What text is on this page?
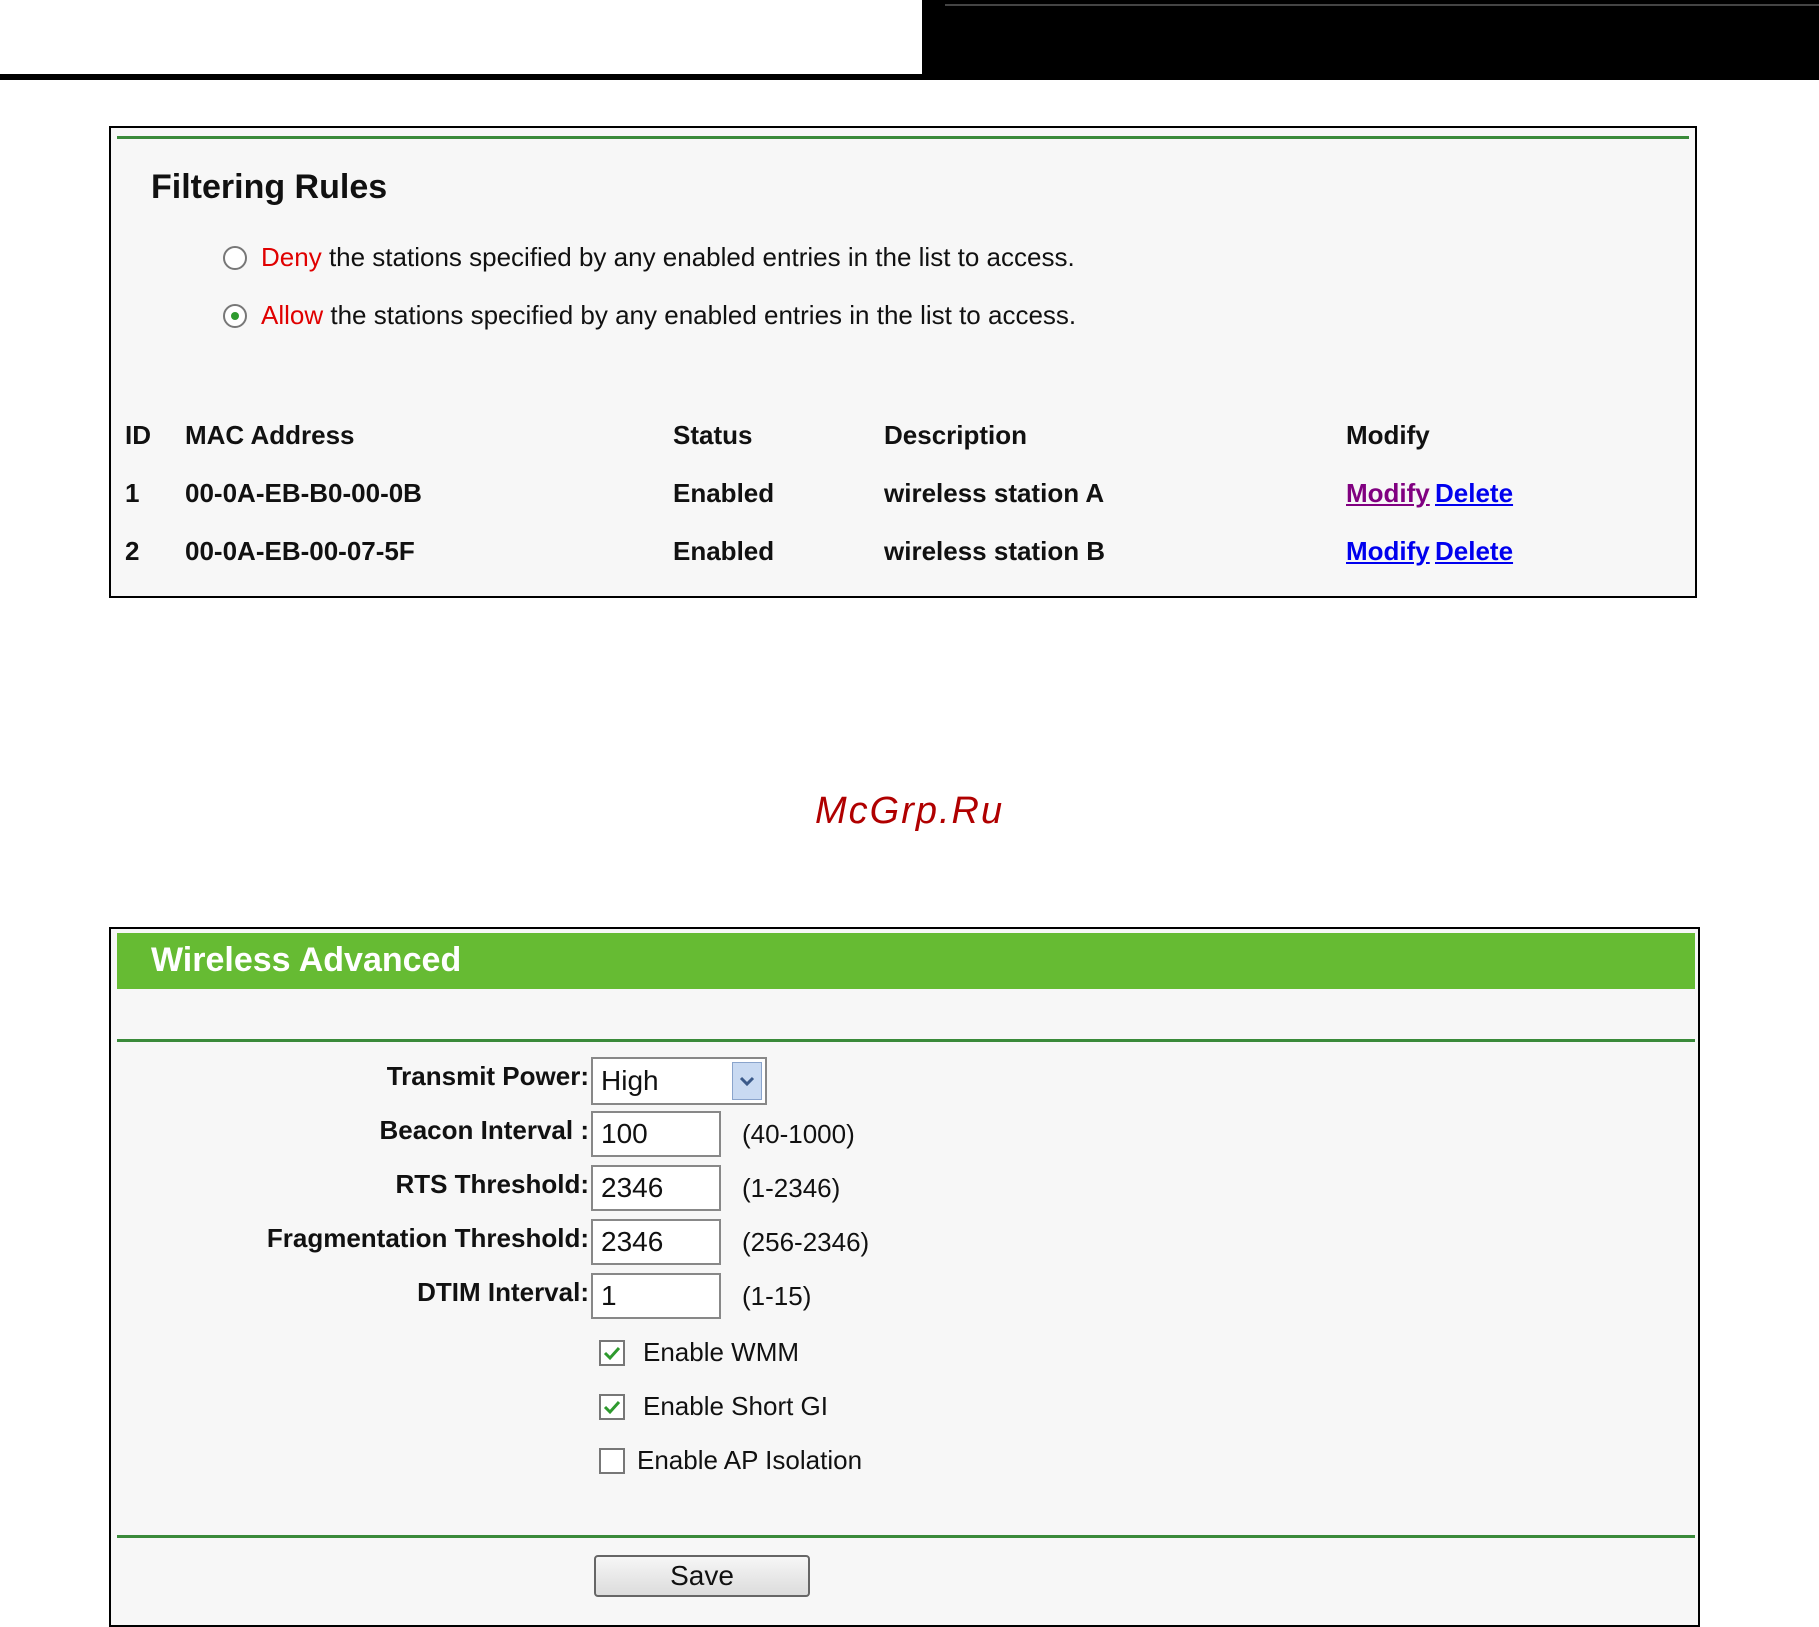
Filtering Rules
Deny
the stations specified by any enabled entries in the list to access.
Allow
the stations specified by any enabled entries in the list to access.
ID MAC Address	Status	Description	Modify
1 00-0A-EB-B0-00-0B	Enabled	wireless station A	Modify Delete
2 00-0A-EB-00-07-5F	Enabled	wireless station B	Modify Delete
McGrp.Ru
Wireless Advanced
Transmit Power: High
Beacon Interval : 100	(40-1000)
RTS Threshold: 2346	(1-2346)
Fragmentation Threshold: 2346	(256-2346)
DTIM Interval: 1	(1-15)
Enable WMM
Enable Short GI
Enable AP Isolation
Save
